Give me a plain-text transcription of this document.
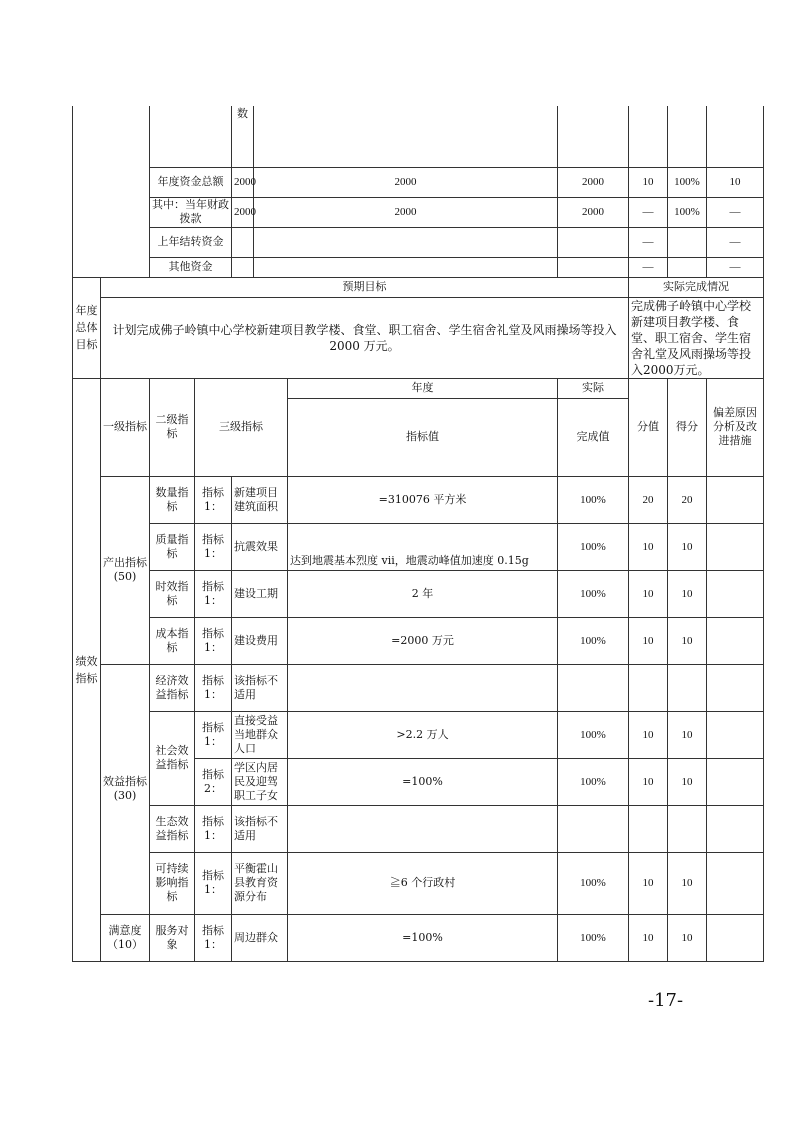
				数						
		年度资金总额		2000	2000		2000	10	100%	10
		其中：当年财政拨款		2000	2000		2000	—	100%	—
		上年结转资金						—		—
		其他资金						—		—
年度总体目标	预期目标							实际完成情况		
	计划完成佛子岭镇中心学校新建项目教学楼、食堂、职工宿舍、学生宿舍礼堂及风雨操场等投入 2000 万元。							完成佛子岭镇中心学校新建项目教学楼、食堂、职工宿舍、学生宿舍礼堂及风雨操场等投入2000万元。		
绩效指标	一级指标	二级指标	三级指标			年度	实际	分值	得分	偏差原因分析及改进措施
						指标值	完成值			
	产出指标(50)	数量指标	指标1：	新建项目建筑面积		=310076 平方米	100%	20	20	
		质量指标	指标1：	抗震效果		达到地震基本烈度 vii，地震动峰值加速度 0.15g	100%	10	10	
		时效指标	指标1：	建设工期		2 年	100%	10	10	
		成本指标	指标1：	建设费用		=2000 万元	100%	10	10	
	效益指标(30)	经济效益指标	指标1：	该指标不适用						
		社会效益指标	指标1：	直接受益当地群众人口		>2.2 万人	100%	10	10	
			指标2：	学区内居民及迎驾职工子女		=100%	100%	10	10	
		生态效益指标	指标1：	该指标不适用						
		可持续影响指标	指标1：	平衡霍山县教育资源分布		≧6 个行政村	100%	10	10	
	满意度（10）	服务对象	指标1：	周边群众		=100%	100%	10	10	
-17-
